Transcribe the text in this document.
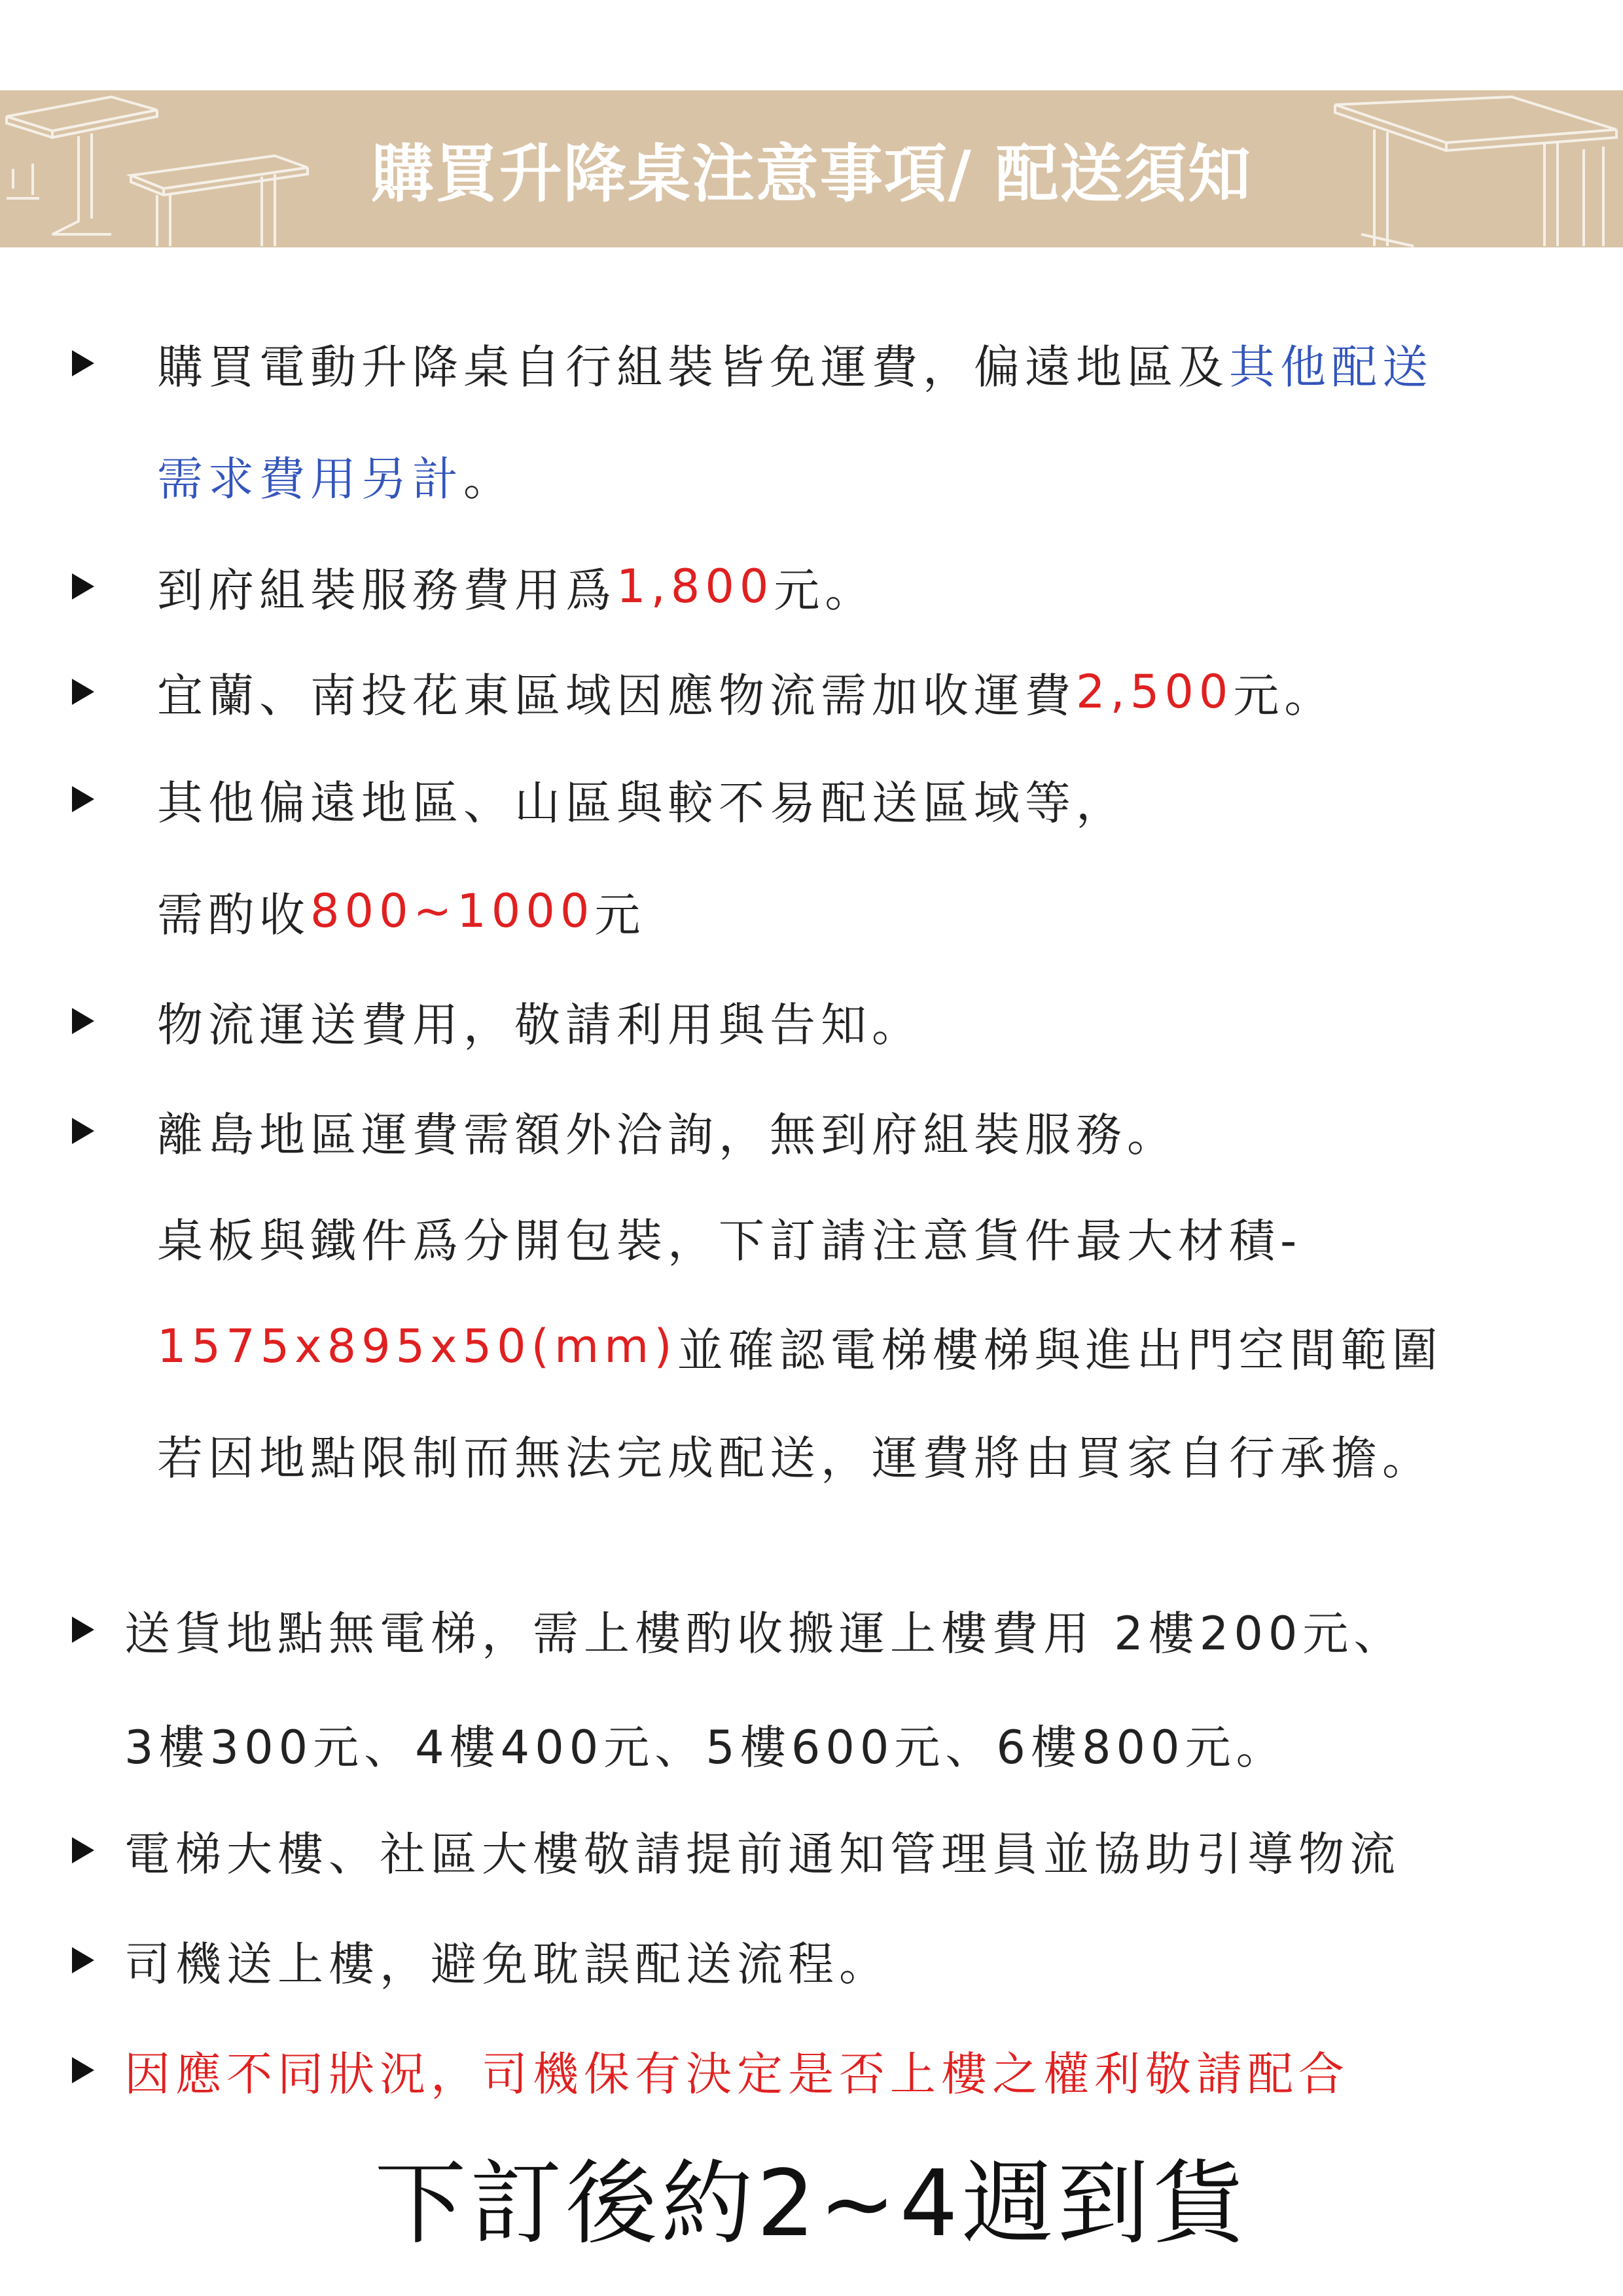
購買升降桌注意事項/ 配送須知
購買電動升降桌自行組裝皆免運費，偏遠地區及 其他配送
需求費用另計 。
到府組裝服務費用爲 1,800 元。
宜蘭、南投花東區域因應物流需加收運費 2,500 元。
其他偏遠地區、山區與較不易配送區域等，
需酌收 800~1000 元
物流運送費用，敬請利用與告知。
離島地區運費需額外洽詢，無到府組裝服務。
桌板與鐵件爲分開包裝，下訂請注意貨件最大材積-
1575x895x50(mm) 並確認電梯樓梯與進出門空間範圍
若因地點限制而無法完成配送，運費將由買家自行承擔。
送貨地點無電梯，需上樓酌收搬運上樓費用 2樓200元、
3樓300元、4樓400元、5樓600元、6樓800元。
電梯大樓、社區大樓敬請提前通知管理員並協助引導物流
司機送上樓，避免耽誤配送流程。
因應不同狀況，司機保有決定是否上樓之權利敬請配合
下訂後約2~4週到貨
